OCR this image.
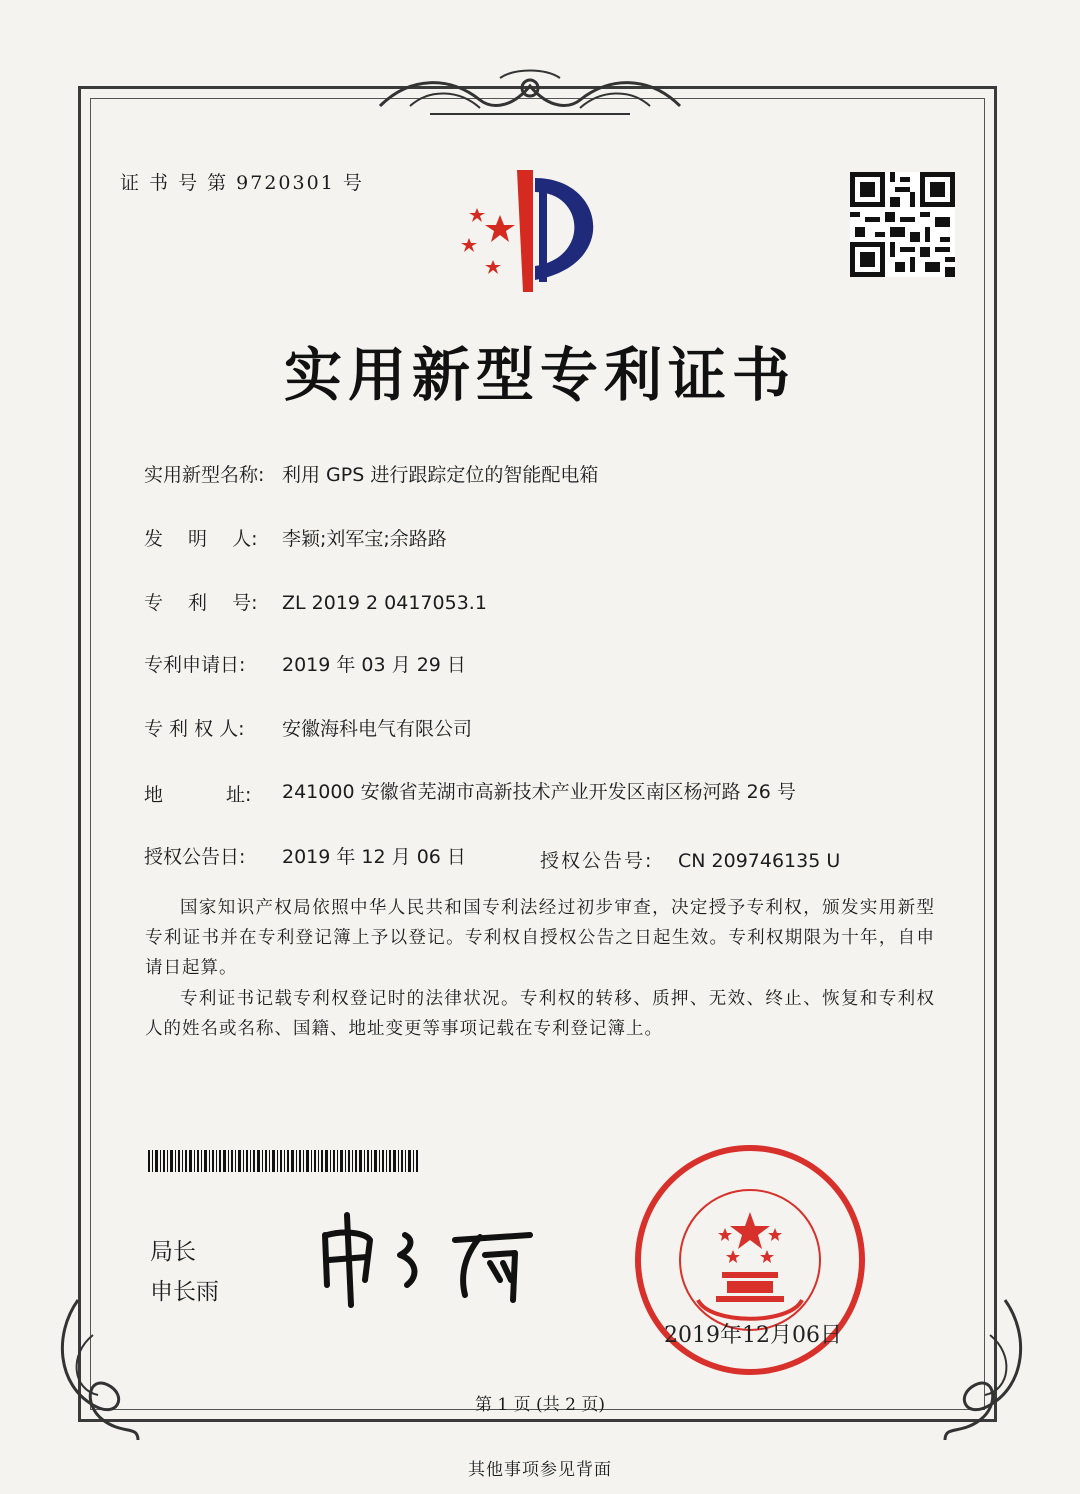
证 书 号 第 9720301 号
实用新型专利证书
实用新型名称: 利用 GPS 进行跟踪定位的智能配电箱
发　 明　 人: 李颖;刘军宝;余路路
专　 利　 号: ZL 2019 2 0417053.1
专利申请日: 2019 年 03 月 29 日
专 利 权 人: 安徽海科电气有限公司
地　　　 址: 241000 安徽省芜湖市高新技术产业开发区南区杨河路 26 号
授权公告日: 2019 年 12 月 06 日	授权公告号: CN 209746135 U
国家知识产权局依照中华人民共和国专利法经过初步审查，决定授予专利权，颁发实用新型专利证书并在专利登记簿上予以登记。专利权自授权公告之日起生效。专利权期限为十年，自申请日起算。
专利证书记载专利权登记时的法律状况。专利权的转移、质押、无效、终止、恢复和专利权人的姓名或名称、国籍、地址变更等事项记载在专利登记簿上。
局长
申长雨
2019年12月06日
第 1 页 (共 2 页)
其他事项参见背面
